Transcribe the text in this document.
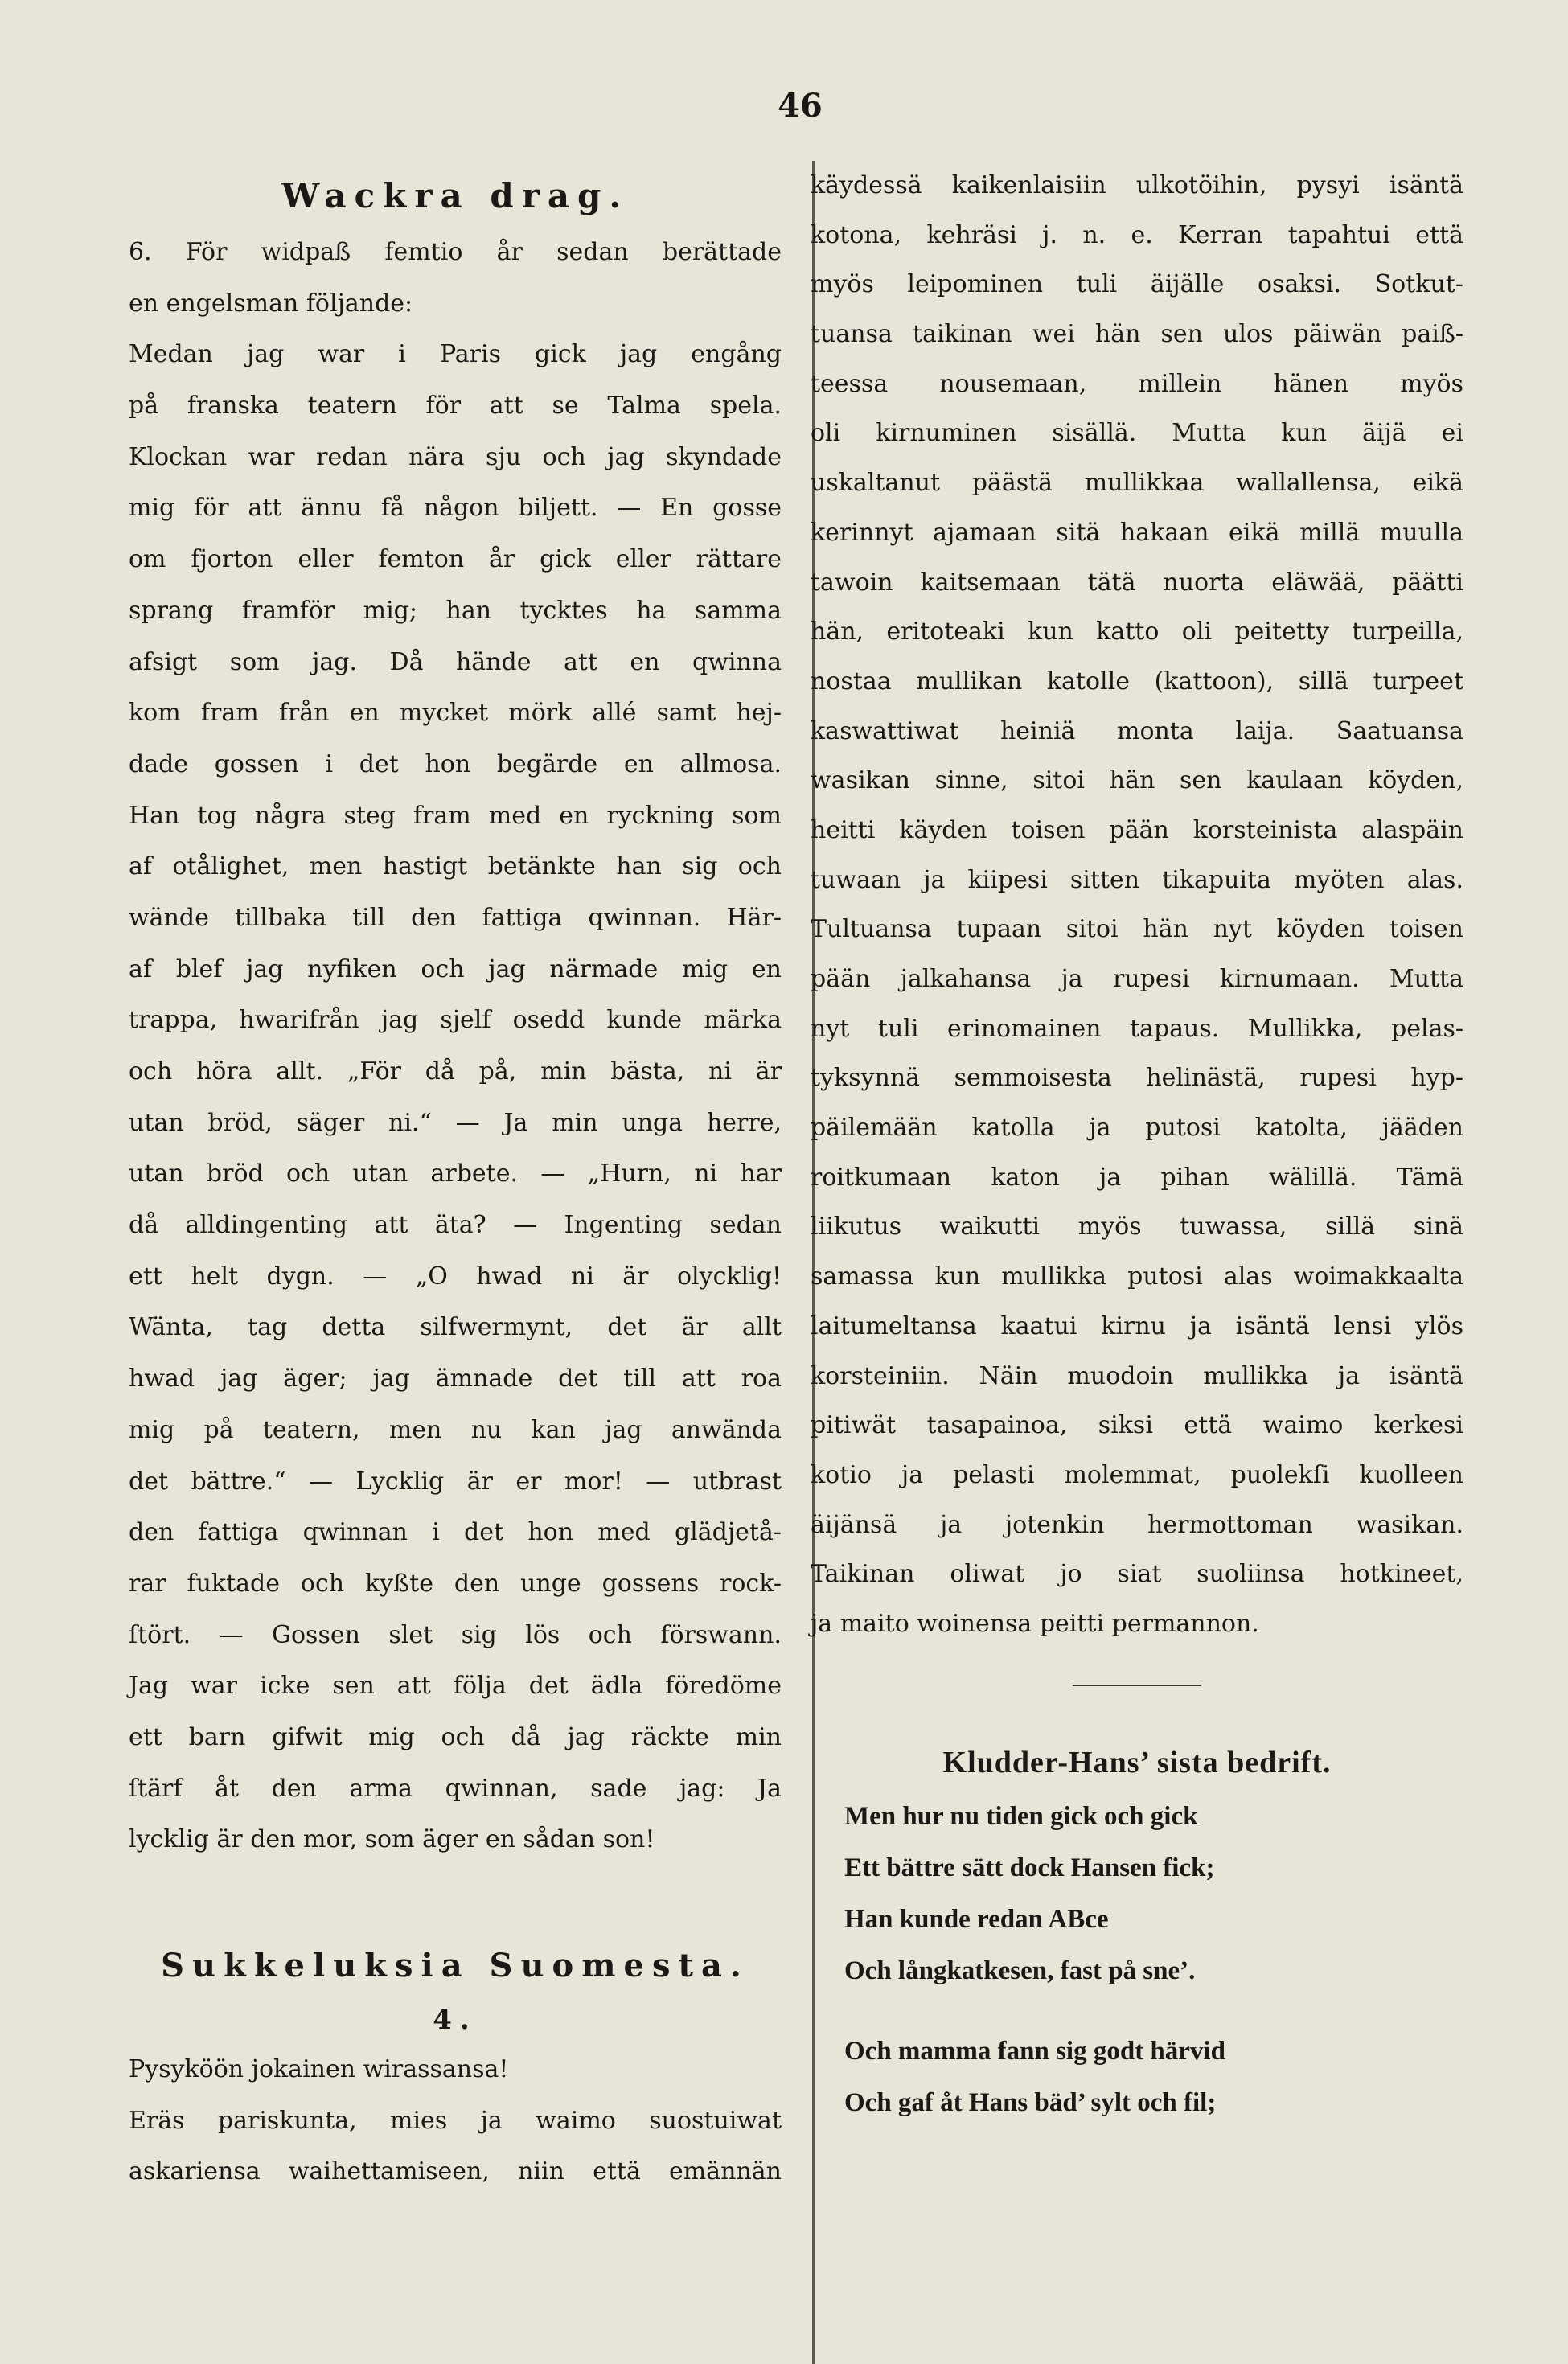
46
Wackra drag.
6. För widpaß femtio år sedan berättade
en engelsman följande:
Medan jag war i Paris gick jag engång
på franska teatern för att se Talma spela.
Klockan war redan nära sju och jag skyndade
mig för att ännu få någon biljett. — En gosse
om fjorton eller femton år gick eller rättare
sprang framför mig; han tycktes ha samma
afsigt som jag. Då hände att en qwinna
kom fram från en mycket mörk allé samt hej-
dade gossen i det hon begärde en allmosa.
Han tog några steg fram med en ryckning som
af otålighet, men hastigt betänkte han sig och
wände tillbaka till den fattiga qwinnan. Här-
af blef jag nyfiken och jag närmade mig en
trappa, hwarifrån jag sjelf osedd kunde märka
och höra allt. „För då på, min bästa, ni är
utan bröd, säger ni.“ — Ja min unga herre,
utan bröd och utan arbete. — „Hurn, ni har
då alldingenting att äta? — Ingenting sedan
ett helt dygn. — „O hwad ni är olycklig!
Wänta, tag detta silfwermynt, det är allt
hwad jag äger; jag ämnade det till att roa
mig på teatern, men nu kan jag anwända
det bättre.“ — Lycklig är er mor! — utbrast
den fattiga qwinnan i det hon med glädjetå-
rar fuktade och kyßte den unge gossens rock-
ſtört. — Gossen slet sig lös och förswann.
Jag war icke sen att följa det ädla föredöme
ett barn gifwit mig och då jag räckte min
ſtärf åt den arma qwinnan, sade jag: Ja
lycklig är den mor, som äger en sådan son!
Sukkeluksia Suomesta.
4.
Pysyköön jokainen wirassansa!
Eräs pariskunta, mies ja waimo suostuiwat
askariensa waihettamiseen, niin että emännän
käydessä kaikenlaisiin ulkotöihin, pysyi isäntä
kotona, kehräsi j. n. e. Kerran tapahtui että
myös leipominen tuli äijälle osaksi. Sotkut-
tuansa taikinan wei hän sen ulos päiwän paiß-
teessa nousemaan, millein hänen myös
oli kirnuminen sisällä. Mutta kun äijä ei
uskaltanut päästä mullikkaa wallallensa, eikä
kerinnyt ajamaan sitä hakaan eikä millä muulla
tawoin kaitsemaan tätä nuorta eläwää, päätti
hän, eritoteaki kun katto oli peitetty turpeilla,
nostaa mullikan katolle (kattoon), sillä turpeet
kaswattiwat heiniä monta laija. Saatuansa
wasikan sinne, sitoi hän sen kaulaan köyden,
heitti käyden toisen pään korsteinista alaspäin
tuwaan ja kiipesi sitten tikapuita myöten alas.
Tultuansa tupaan sitoi hän nyt köyden toisen
pään jalkahansa ja rupesi kirnumaan. Mutta
nyt tuli erinomainen tapaus. Mullikka, pelas-
tyksynnä semmoisesta helinästä, rupesi hyp-
päilemään katolla ja putosi katolta, jääden
roitkumaan katon ja pihan wälillä. Tämä
liikutus waikutti myös tuwassa, sillä sinä
samassa kun mullikka putosi alas woimakkaalta
laitumeltansa kaatui kirnu ja isäntä lensi ylös
korsteiniin. Näin muodoin mullikka ja isäntä
pitiwät tasapainoa, siksi että waimo kerkesi
kotio ja pelasti molemmat, puolekſi kuolleen
äijänsä ja jotenkin hermottoman wasikan.
Taikinan oliwat jo siat suoliinsa hotkineet,
ja maito woinensa peitti permannon.
Kludder-Hans’ sista bedrift.
Men hur nu tiden gick och gick
Ett bättre sätt dock Hansen fick;
Han kunde redan ABce
Och långkatkesen, fast på sne’.
Och mamma fann sig godt härvid
Och gaf åt Hans bäd’ sylt och fil;
